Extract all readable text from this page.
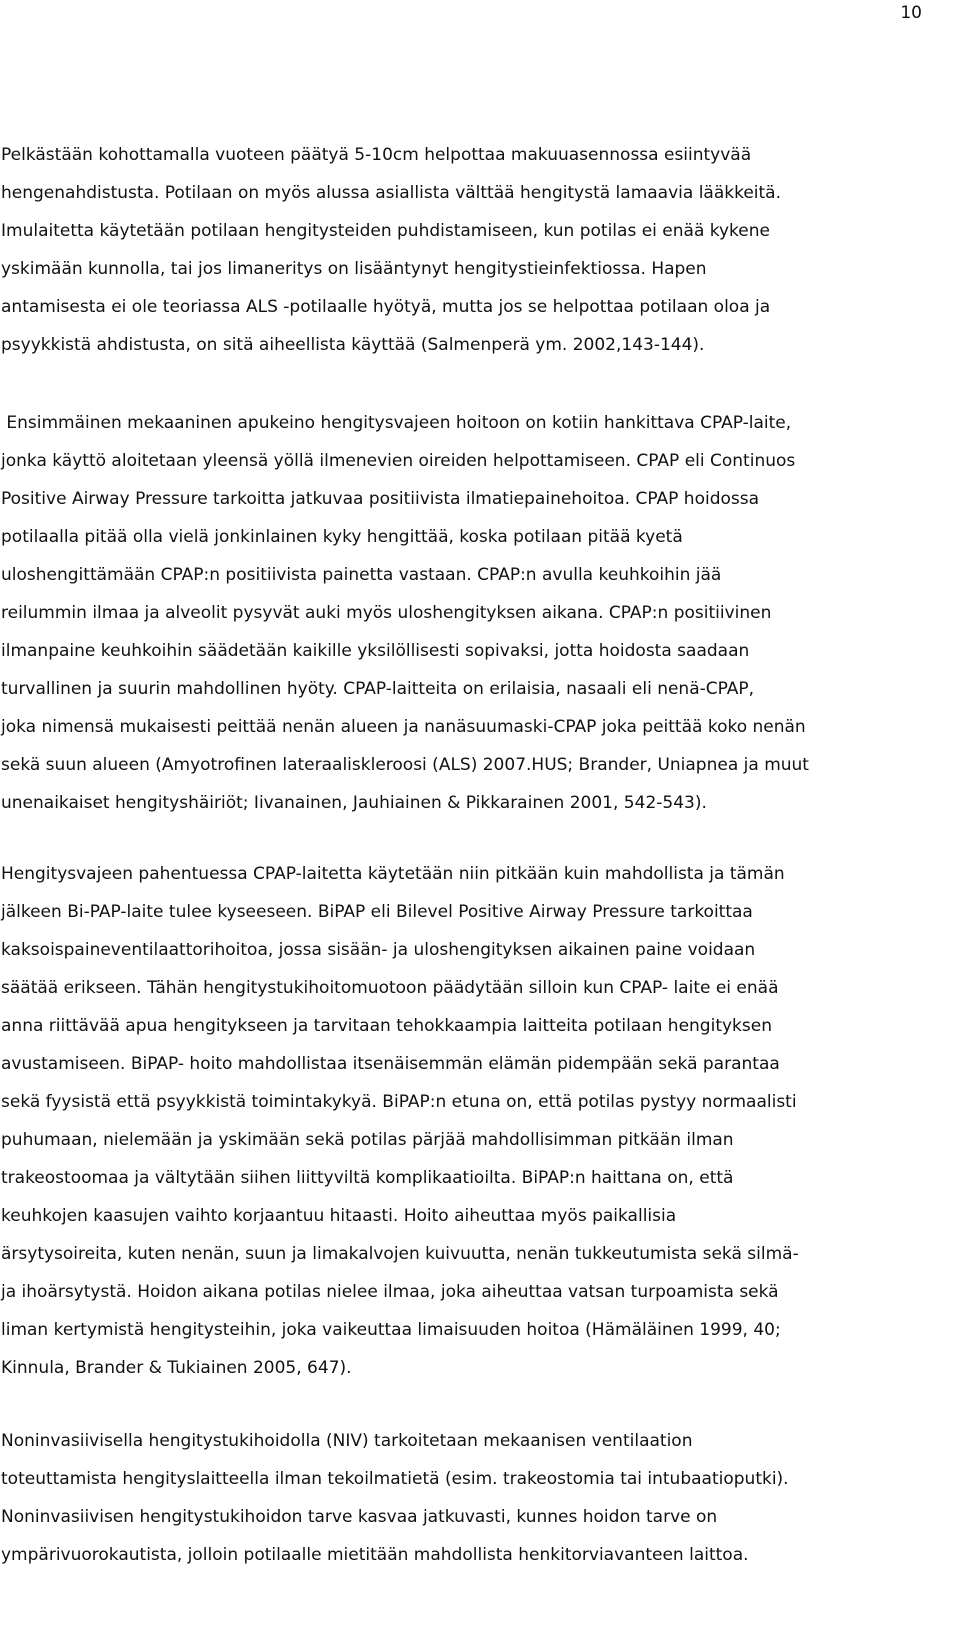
10
Pelkästään kohottamalla vuoteen päätyä 5-10cm helpottaa makuuasennossa esiintyvää
hengenahdistusta. Potilaan on myös alussa asiallista välttää hengitystä lamaavia lääkkeitä.
Imulaitetta käytetään potilaan hengitysteiden puhdistamiseen, kun potilas ei enää kykene
yskimään kunnolla, tai jos limaneritys on lisääntynyt hengitystieinfektiossa. Hapen
antamisesta ei ole teoriassa ALS -potilaalle hyötyä, mutta jos se helpottaa potilaan oloa ja
psyykkistä ahdistusta, on sitä aiheellista käyttää (Salmenperä ym. 2002,143-144).
Ensimmäinen mekaaninen apukeino hengitysvajeen hoitoon on kotiin hankittava CPAP-laite,
jonka käyttö aloitetaan yleensä yöllä ilmenevien oireiden helpottamiseen. CPAP eli Continuos
Positive Airway Pressure tarkoitta jatkuvaa positiivista ilmatiepainehoitoa. CPAP hoidossa
potilaalla pitää olla vielä jonkinlainen kyky hengittää, koska potilaan pitää kyetä
uloshengittämään CPAP:n positiivista painetta vastaan. CPAP:n avulla keuhkoihin jää
reilummin ilmaa ja alveolit pysyvät auki myös uloshengityksen aikana. CPAP:n positiivinen
ilmanpaine keuhkoihin säädetään kaikille yksilöllisesti sopivaksi, jotta hoidosta saadaan
turvallinen ja suurin mahdollinen hyöty. CPAP-laitteita on erilaisia, nasaali eli nenä-CPAP,
joka nimensä mukaisesti peittää nenän alueen ja nanäsuumaski-CPAP joka peittää koko nenän
sekä suun alueen (Amyotrofinen lateraaliskleroosi (ALS) 2007.HUS; Brander, Uniapnea ja muut
unenaikaiset hengityshäiriöt; Iivanainen, Jauhiainen & Pikkarainen 2001, 542-543).
Hengitysvajeen pahentuessa CPAP-laitetta käytetään niin pitkään kuin mahdollista ja tämän
jälkeen Bi-PAP-laite tulee kyseeseen. BiPAP eli Bilevel Positive Airway Pressure tarkoittaa
kaksoispaineventilaattorihoitoa, jossa sisään- ja uloshengityksen aikainen paine voidaan
säätää erikseen. Tähän hengitystukihoitomuotoon päädytään silloin kun CPAP- laite ei enää
anna riittävää apua hengitykseen ja tarvitaan tehokkaampia laitteita potilaan hengityksen
avustamiseen. BiPAP- hoito mahdollistaa itsenäisemmän elämän pidempään sekä parantaa
sekä fyysistä että psyykkistä toimintakykyä. BiPAP:n etuna on, että potilas pystyy normaalisti
puhumaan, nielemään ja yskimään sekä potilas pärjää mahdollisimman pitkään ilman
trakeostoomaa ja vältytään siihen liittyviltä komplikaatioilta. BiPAP:n haittana on, että
keuhkojen kaasujen vaihto korjaantuu hitaasti. Hoito aiheuttaa myös paikallisia
ärsytysoireita, kuten nenän, suun ja limakalvojen kuivuutta, nenän tukkeutumista sekä silmä-
ja ihoärsytystä. Hoidon aikana potilas nielee ilmaa, joka aiheuttaa vatsan turpoamista sekä
liman kertymistä hengitysteihin, joka vaikeuttaa limaisuuden hoitoa (Hämäläinen 1999, 40;
Kinnula, Brander & Tukiainen 2005, 647).
Noninvasiivisella hengitystukihoidolla (NIV) tarkoitetaan mekaanisen ventilaation
toteuttamista hengityslaitteella ilman tekoilmatietä (esim. trakeostomia tai intubaatioputki).
Noninvasiivisen hengitystukihoidon tarve kasvaa jatkuvasti, kunnes hoidon tarve on
ympärivuorokautista, jolloin potilaalle mietitään mahdollista henkitorviavanteen laittoa.
